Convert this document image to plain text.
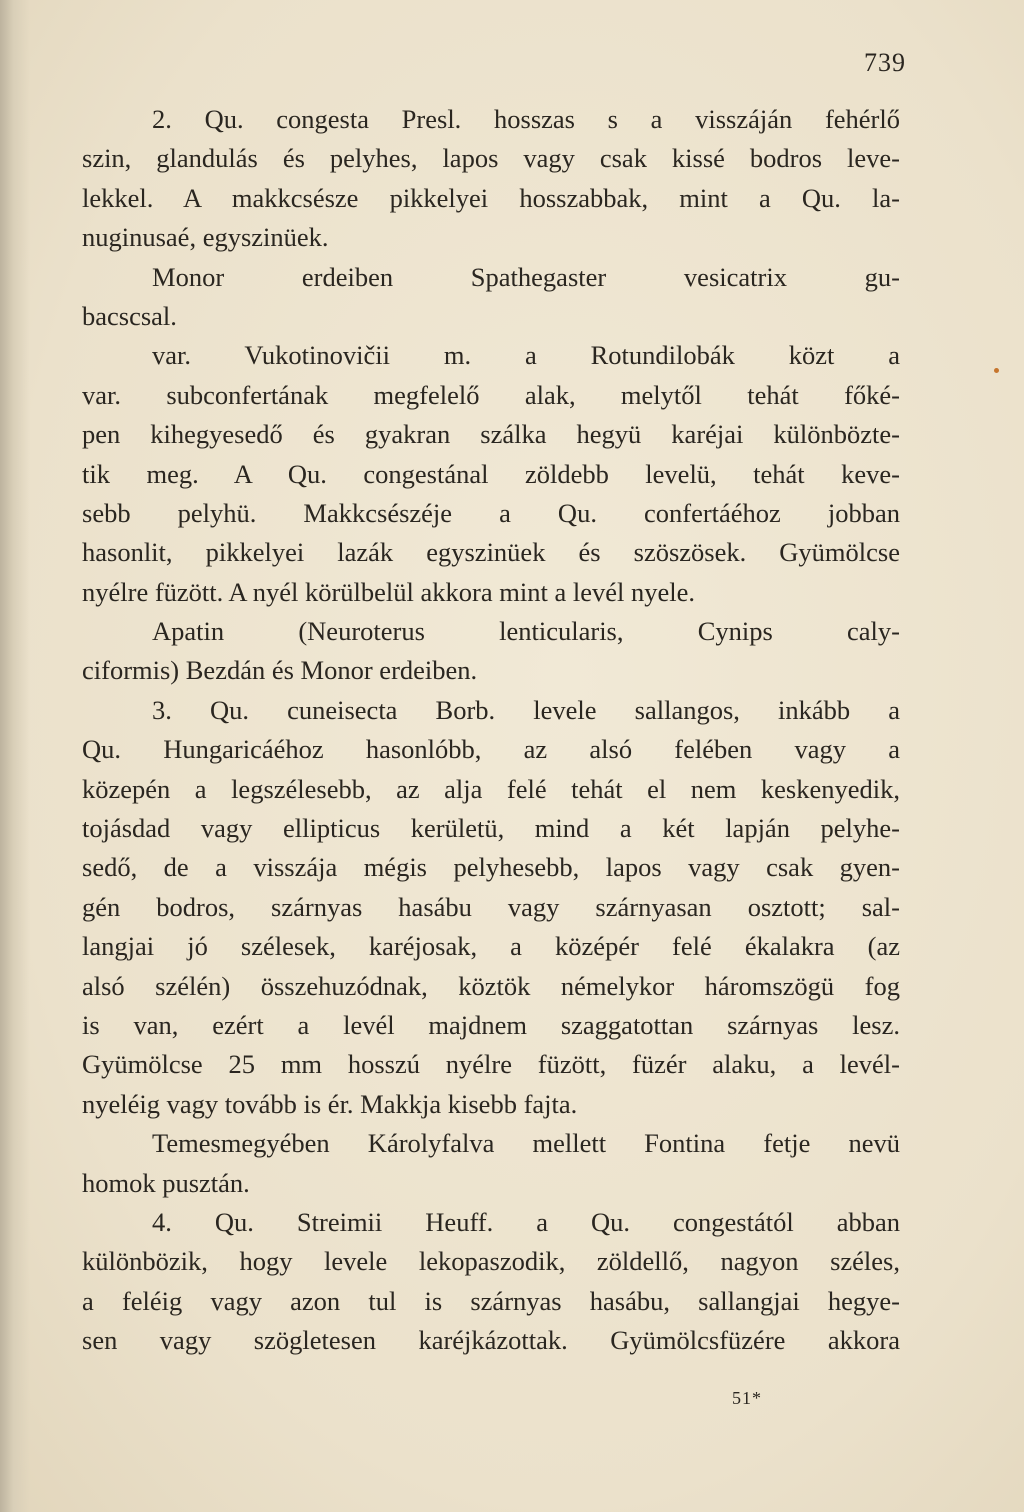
739
2. Qu. congesta Presl. hosszas s a visszáján fehérlő
szin, glandulás és pelyhes, lapos vagy csak kissé bodros leve-
lekkel. A makkcsésze pikkelyei hosszabbak, mint a Qu. la-
nuginusaé, egyszinüek.
Monor erdeiben Spathegaster vesicatrix gu-
bacscsal.
var. Vukotinovičii m. a Rotundilobák közt a
var. subconfertának megfelelő alak, melytől tehát főké-
pen kihegyesedő és gyakran szálka hegyü karéjai különbözte-
tik meg. A Qu. congestánal zöldebb levelü, tehát keve-
sebb pelyhü. Makkcsészéje a Qu. confertáéhoz jobban
hasonlit, pikkelyei lazák egyszinüek és szöszösek. Gyümölcse
nyélre füzött. A nyél körülbelül akkora mint a levél nyele.
Apatin (Neuroterus lenticularis, Cynips caly-
ciformis) Bezdán és Monor erdeiben.
3. Qu. cuneisecta Borb. levele sallangos, inkább a
Qu. Hungaricáéhoz hasonlóbb, az alsó felében vagy a
közepén a legszélesebb, az alja felé tehát el nem keskenyedik,
tojásdad vagy ellipticus kerületü, mind a két lapján pelyhe-
sedő, de a visszája mégis pelyhesebb, lapos vagy csak gyen-
gén bodros, szárnyas hasábu vagy szárnyasan osztott; sal-
langjai jó szélesek, karéjosak, a középér felé ékalakra (az
alsó szélén) összehuzódnak, köztök némelykor háromszögü fog
is van, ezért a levél majdnem szaggatottan szárnyas lesz.
Gyümölcse 25 mm hosszú nyélre füzött, füzér alaku, a levél-
nyeléig vagy tovább is ér. Makkja kisebb fajta.
Temesmegyében Károlyfalva mellett Fontina fetje nevü
homok pusztán.
4. Qu. Streimii Heuff. a Qu. congestától abban
különbözik, hogy levele lekopaszodik, zöldellő, nagyon széles,
a feléig vagy azon tul is szárnyas hasábu, sallangjai hegye-
sen vagy szögletesen karéjkázottak. Gyümölcsfüzére akkora
51*
